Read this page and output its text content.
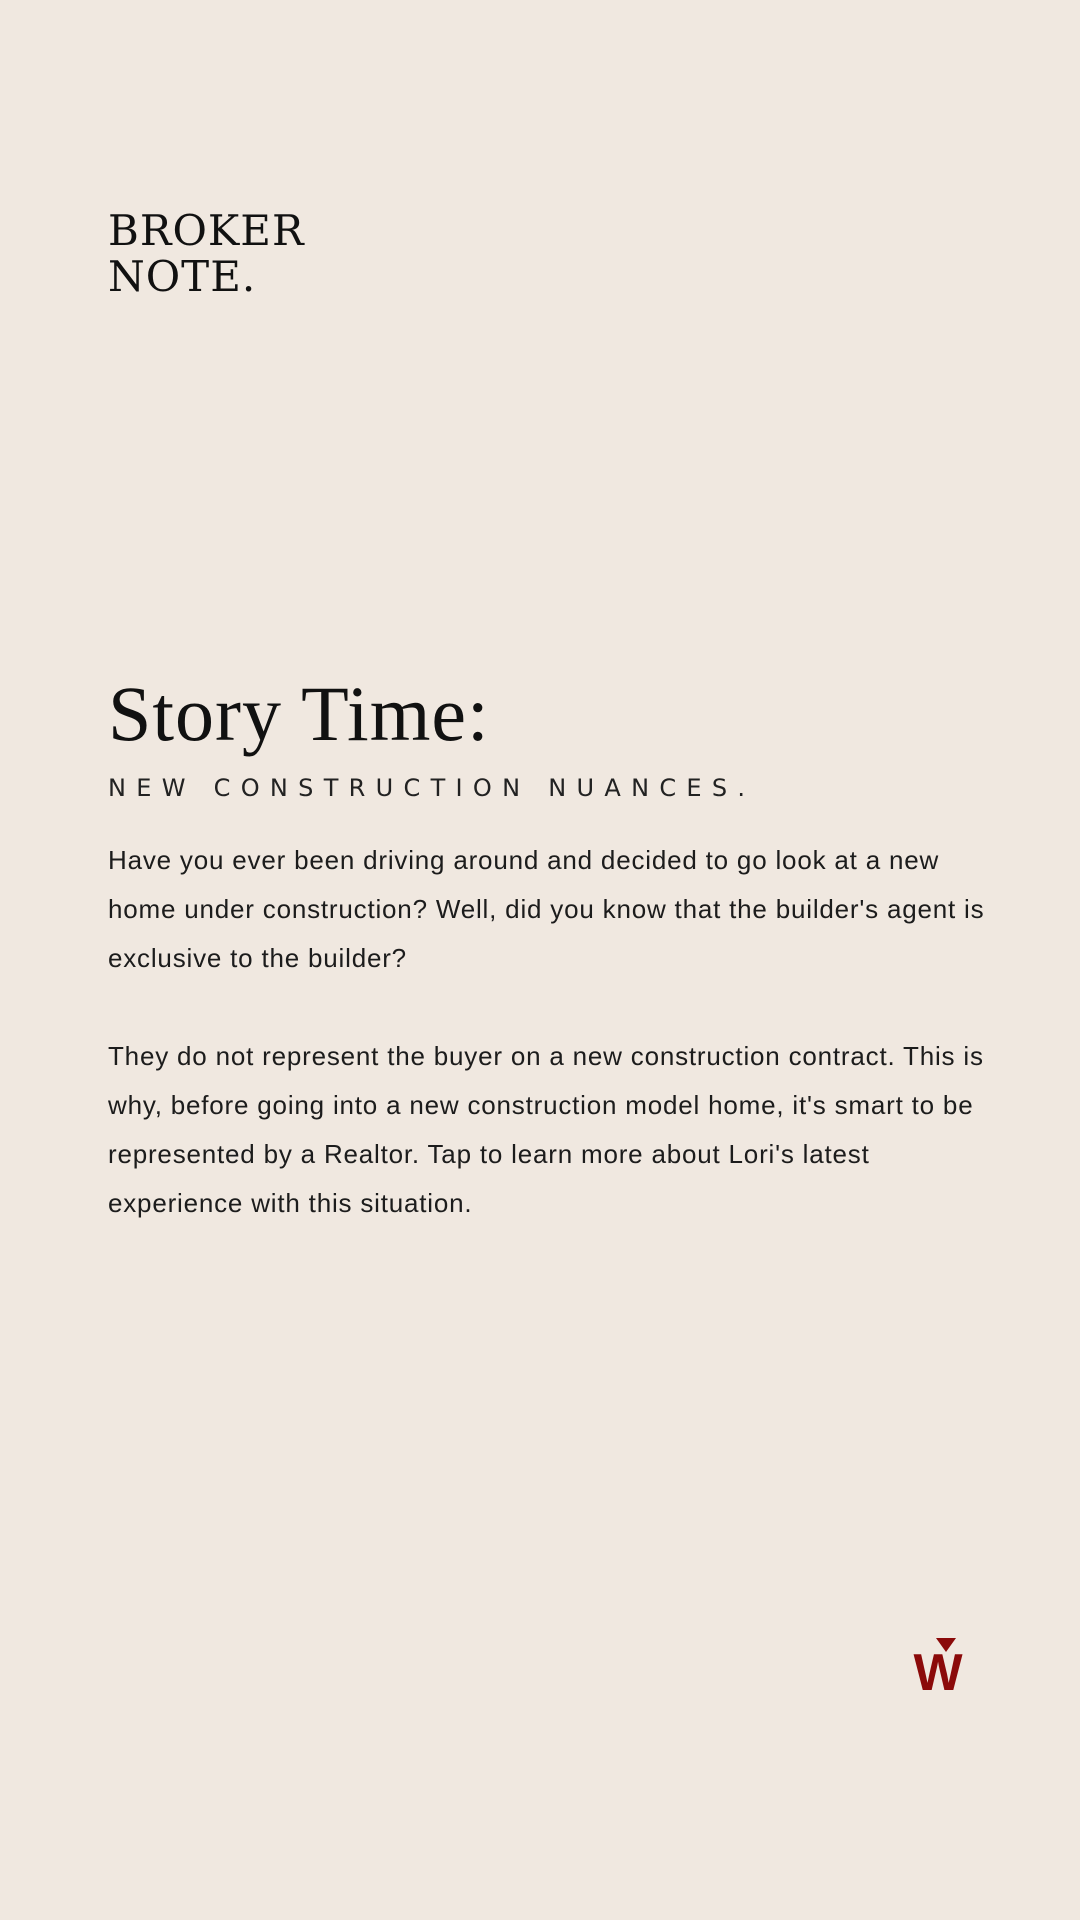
BROKER
NOTE.
Story Time:
NEW CONSTRUCTION NUANCES.

Have you ever been driving around and decided to go look at a new home under construction? Well, did you know that the builder's agent is exclusive to the builder?

They do not represent the buyer on a new construction contract. This is why, before going into a new construction model home, it's smart to be represented by a Realtor. Tap to learn more about Lori's latest experience with this situation.

W
